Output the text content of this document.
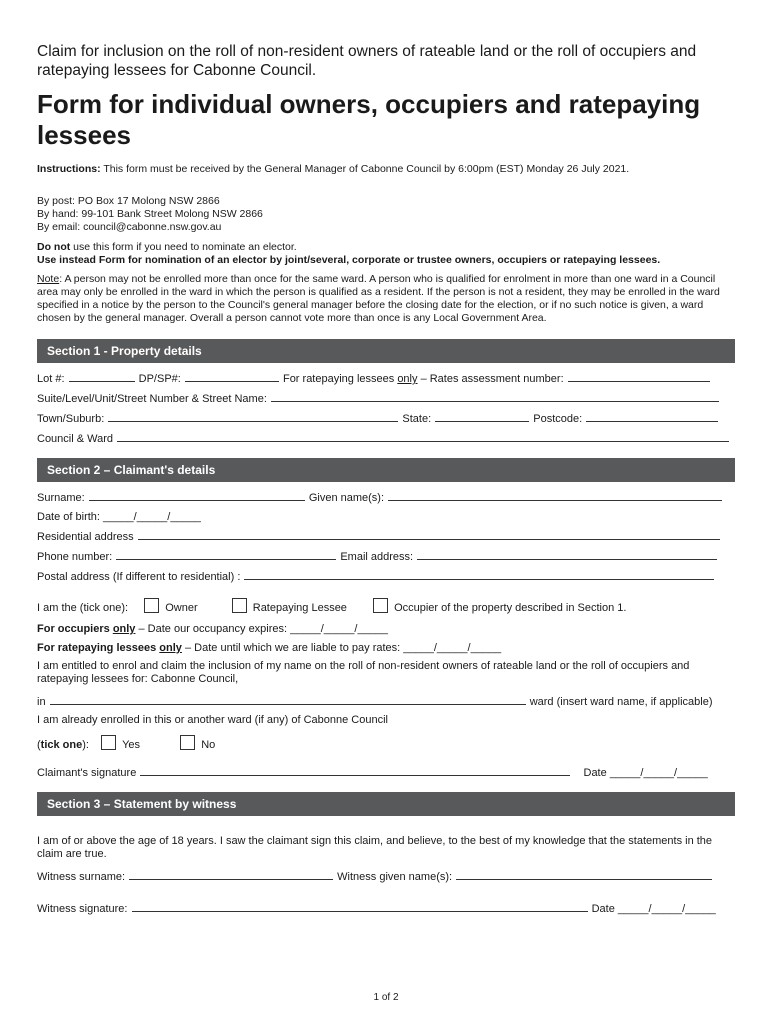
Claim for inclusion on the roll of non-resident owners of rateable land or the roll of occupiers and ratepaying lessees for Cabonne Council.
Form for individual owners, occupiers and ratepaying lessees
Instructions: This form must be received by the General Manager of Cabonne Council by 6:00pm (EST) Monday 26 July 2021.
By post: PO Box 17 Molong NSW 2866
By hand: 99-101 Bank Street Molong NSW 2866
By email: council@cabonne.nsw.gov.au
Do not use this form if you need to nominate an elector.
Use instead Form for nomination of an elector by joint/several, corporate or trustee owners, occupiers or ratepaying lessees.
Note: A person may not be enrolled more than once for the same ward. A person who is qualified for enrolment in more than one ward in a Council area may only be enrolled in the ward in which the person is qualified as a resident. If the person is not a resident, they may be enrolled in the ward specified in a notice by the person to the Council's general manager before the closing date for the election, or if no such notice is given, a ward chosen by the general manager. Overall a person cannot vote more than once is any Local Government Area.
Section 1 - Property details
Lot #:	DP/SP#:	For ratepaying lessees only – Rates assessment number:
Suite/Level/Unit/Street Number & Street Name:
Town/Suburb:	State:	Postcode:
Council & Ward
Section 2 – Claimant's details
Surname:	Given name(s):
Date of birth: _____/_____/_____
Residential address
Phone number:	Email address:
Postal address (If different to residential) :
I am the (tick one):	Owner	Ratepaying Lessee	Occupier of the property described in Section 1.
For occupiers only – Date our occupancy expires: _____/_____/_____
For ratepaying lessees only – Date until which we are liable to pay rates: _____/_____/_____
I am entitled to enrol and claim the inclusion of my name on the roll of non-resident owners of rateable land or the roll of occupiers and ratepaying lessees for: Cabonne Council,
in	ward (insert ward name, if applicable)
I am already enrolled in this or another ward (if any) of Cabonne Council
(tick one):	Yes	No
Claimant's signature	Date _____/_____/_____
Section 3 – Statement by witness
I am of or above the age of 18 years. I saw the claimant sign this claim, and believe, to the best of my knowledge that the statements in the claim are true.
Witness surname:	Witness given name(s):
Witness signature:	Date _____/_____/_____
1 of 2
